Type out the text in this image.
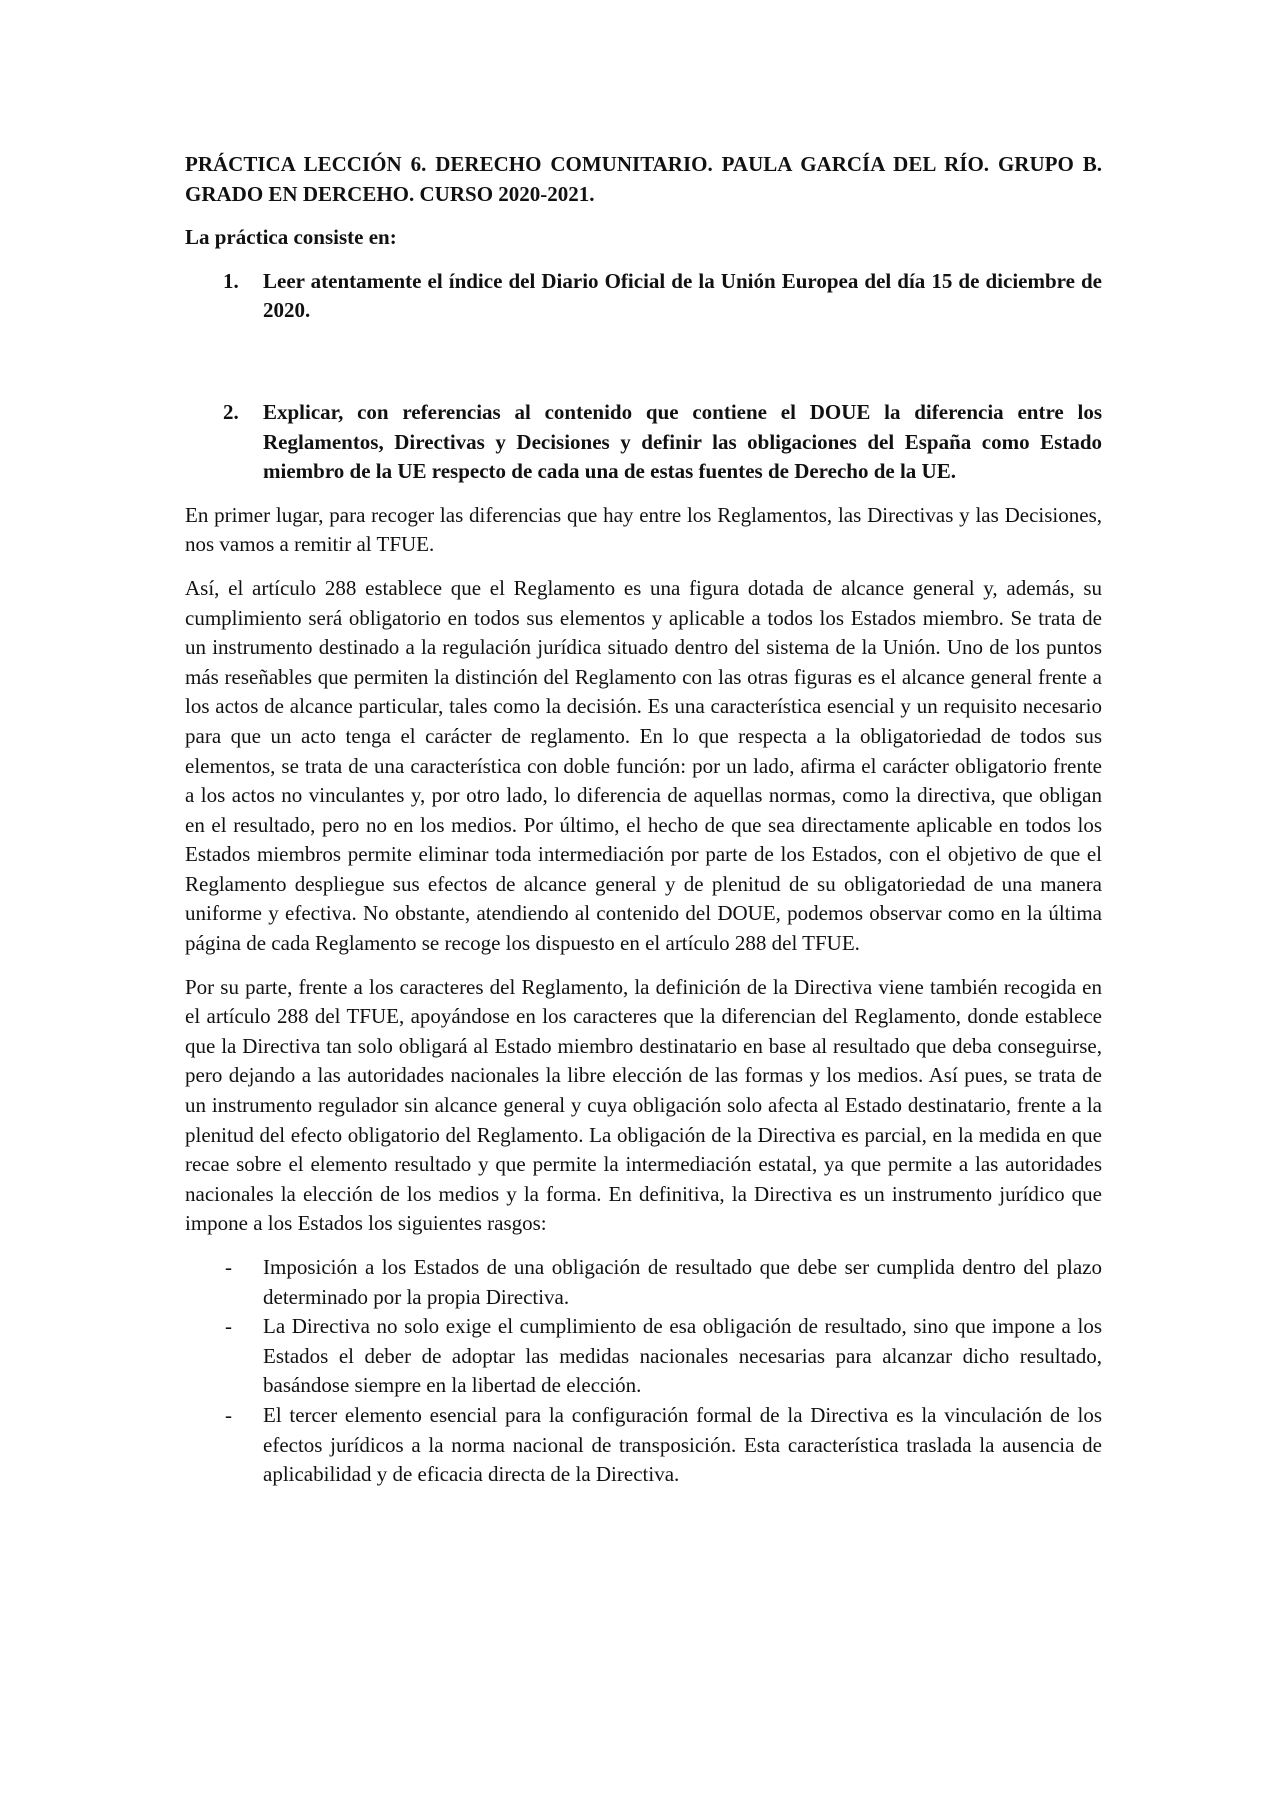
PRÁCTICA LECCIÓN 6. DERECHO COMUNITARIO. PAULA GARCÍA DEL RÍO. GRUPO B. GRADO EN DERCEHO. CURSO 2020-2021.

La práctica consiste en:

1. Leer atentamente el índice del Diario Oficial de la Unión Europea del día 15 de diciembre de 2020.
2. Explicar, con referencias al contenido que contiene el DOUE la diferencia entre los Reglamentos, Directivas y Decisiones y definir las obligaciones del España como Estado miembro de la UE respecto de cada una de estas fuentes de Derecho de la UE.

En primer lugar, para recoger las diferencias que hay entre los Reglamentos, las Directivas y las Decisiones, nos vamos a remitir al TFUE.

Así, el artículo 288 establece que el Reglamento es una figura dotada de alcance general y, además, su cumplimiento será obligatorio en todos sus elementos y aplicable a todos los Estados miembro. Se trata de un instrumento destinado a la regulación jurídica situado dentro del sistema de la Unión. Uno de los puntos más reseñables que permiten la distinción del Reglamento con las otras figuras es el alcance general frente a los actos de alcance particular, tales como la decisión. Es una característica esencial y un requisito necesario para que un acto tenga el carácter de reglamento. En lo que respecta a la obligatoriedad de todos sus elementos, se trata de una característica con doble función: por un lado, afirma el carácter obligatorio frente a los actos no vinculantes y, por otro lado, lo diferencia de aquellas normas, como la directiva, que obligan en el resultado, pero no en los medios. Por último, el hecho de que sea directamente aplicable en todos los Estados miembros permite eliminar toda intermediación por parte de los Estados, con el objetivo de que el Reglamento despliegue sus efectos de alcance general y de plenitud de su obligatoriedad de una manera uniforme y efectiva. No obstante, atendiendo al contenido del DOUE, podemos observar como en la última página de cada Reglamento se recoge los dispuesto en el artículo 288 del TFUE.

Por su parte, frente a los caracteres del Reglamento, la definición de la Directiva viene también recogida en el artículo 288 del TFUE, apoyándose en los caracteres que la diferencian del Reglamento, donde establece que la Directiva tan solo obligará al Estado miembro destinatario en base al resultado que deba conseguirse, pero dejando a las autoridades nacionales la libre elección de las formas y los medios. Así pues, se trata de un instrumento regulador sin alcance general y cuya obligación solo afecta al Estado destinatario, frente a la plenitud del efecto obligatorio del Reglamento. La obligación de la Directiva es parcial, en la medida en que recae sobre el elemento resultado y que permite la intermediación estatal, ya que permite a las autoridades nacionales la elección de los medios y la forma. En definitiva, la Directiva es un instrumento jurídico que impone a los Estados los siguientes rasgos:

- Imposición a los Estados de una obligación de resultado que debe ser cumplida dentro del plazo determinado por la propia Directiva.
- La Directiva no solo exige el cumplimiento de esa obligación de resultado, sino que impone a los Estados el deber de adoptar las medidas nacionales necesarias para alcanzar dicho resultado, basándose siempre en la libertad de elección.
- El tercer elemento esencial para la configuración formal de la Directiva es la vinculación de los efectos jurídicos a la norma nacional de transposición. Esta característica traslada la ausencia de aplicabilidad y de eficacia directa de la Directiva.
